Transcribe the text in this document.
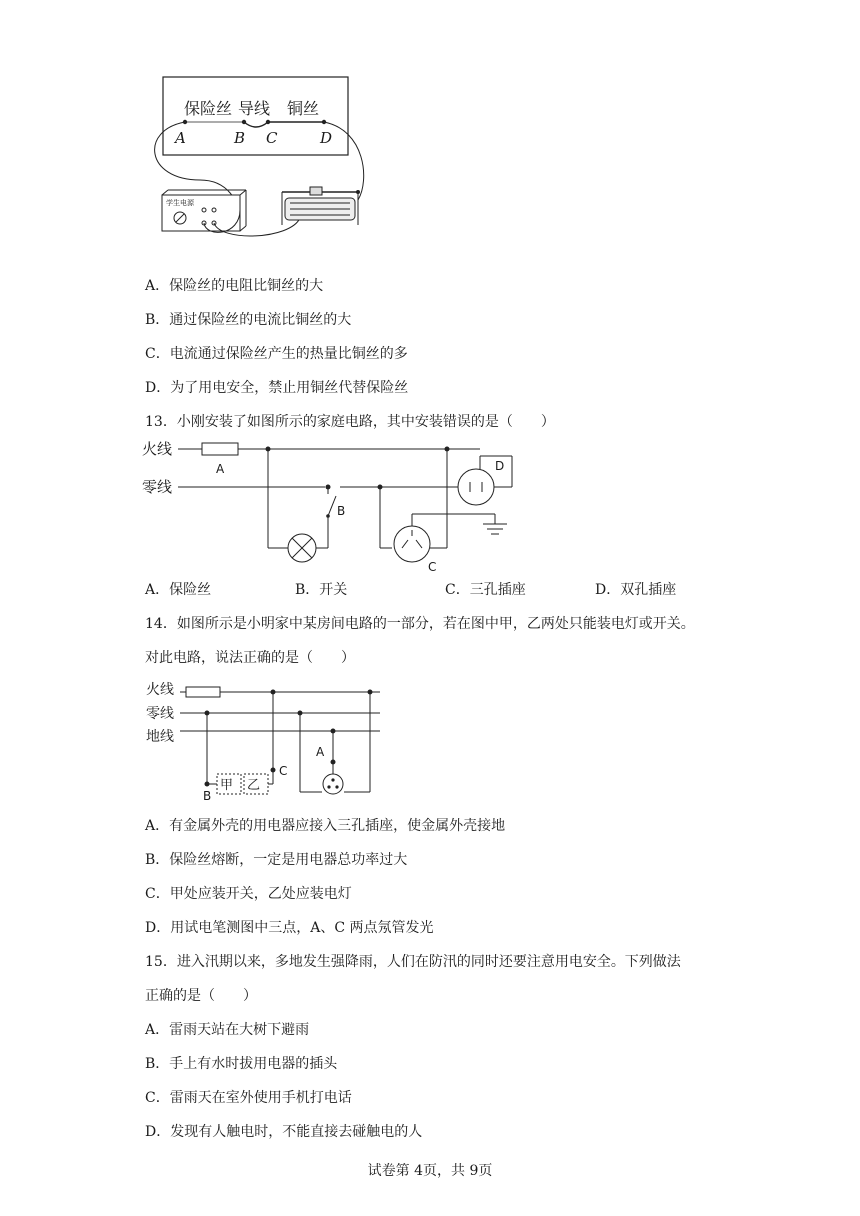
保险丝 导线 铜丝
A	B C	D
学生电源
A．保险丝的电阻比铜丝的大
B．通过保险丝的电流比铜丝的大
C．电流通过保险丝产生的热量比铜丝的多
D．为了用电安全，禁止用铜丝代替保险丝
13．小刚安装了如图所示的家庭电路，其中安装错误的是（　　）
火线
零线
A
B
C
D
A．保险丝	B．开关	C．三孔插座	D．双孔插座
14．如图所示是小明家中某房间电路的一部分，若在图中甲，乙两处只能装电灯或开关。
对此电路，说法正确的是（　　）
火线
零线
地线
甲 乙
B
C
A
A．有金属外壳的用电器应接入三孔插座，使金属外壳接地
B．保险丝熔断，一定是用电器总功率过大
C．甲处应装开关，乙处应装电灯
D．用试电笔测图中三点，A、C 两点氖管发光
15．进入汛期以来，多地发生强降雨，人们在防汛的同时还要注意用电安全。下列做法
正确的是（　　）
A．雷雨天站在大树下避雨
B．手上有水时拔用电器的插头
C．雷雨天在室外使用手机打电话
D．发现有人触电时，不能直接去碰触电的人
试卷第 4页，共 9页
